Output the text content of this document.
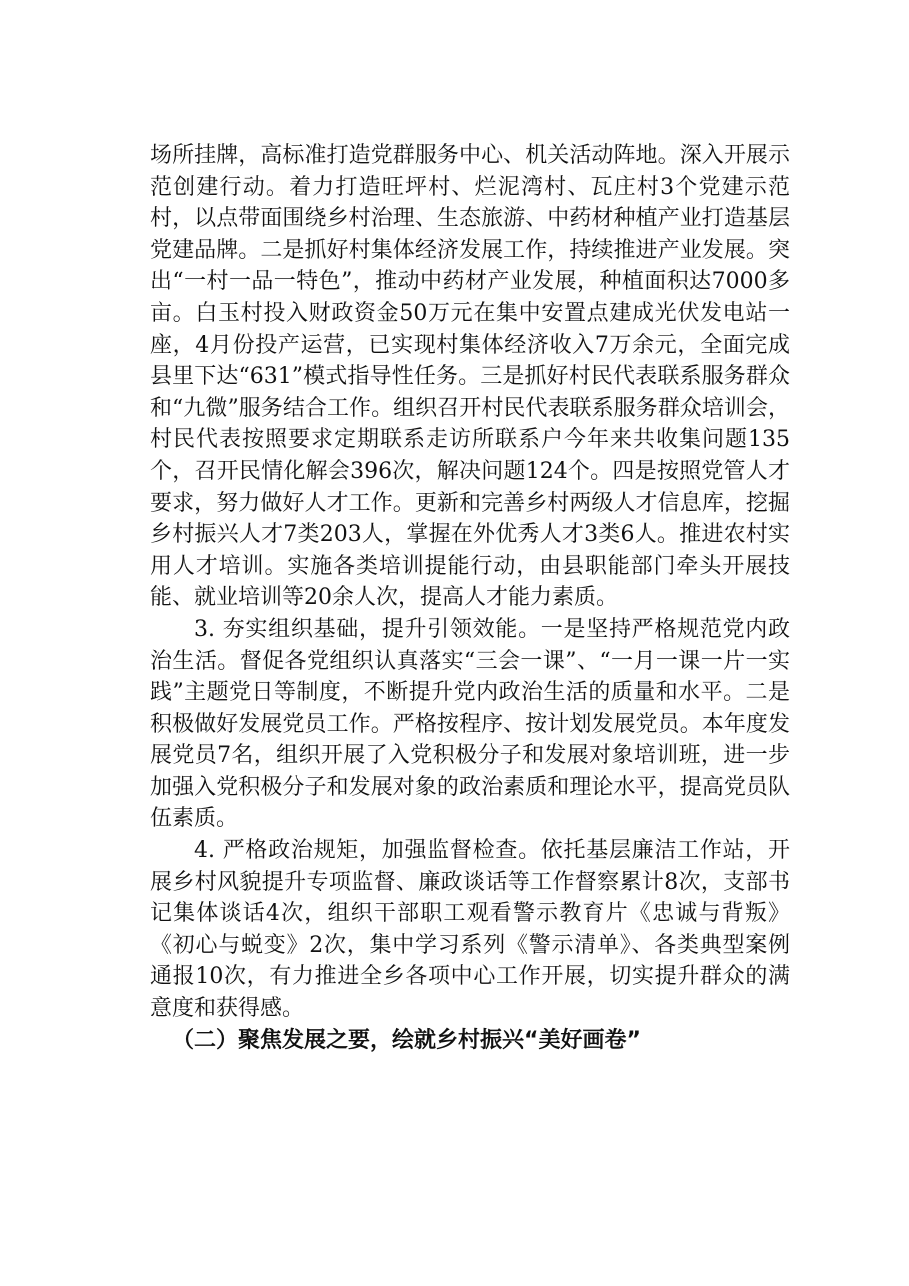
场所挂牌，高标准打造党群服务中心、机关活动阵地。深入开展示范创建行动。着力打造旺坪村、烂泥湾村、瓦庄村3个党建示范村，以点带面围绕乡村治理、生态旅游、中药材种植产业打造基层党建品牌。二是抓好村集体经济发展工作，持续推进产业发展。突出“一村一品一特色”，推动中药材产业发展，种植面积达7000多亩。白玉村投入财政资金50万元在集中安置点建成光伏发电站一座，4月份投产运营，已实现村集体经济收入7万余元，全面完成县里下达“631”模式指导性任务。三是抓好村民代表联系服务群众和“九微”服务结合工作。组织召开村民代表联系服务群众培训会，村民代表按照要求定期联系走访所联系户今年来共收集问题135个，召开民情化解会396次，解决问题124个。四是按照党管人才要求，努力做好人才工作。更新和完善乡村两级人才信息库，挖掘乡村振兴人才7类203人，掌握在外优秀人才3类6人。推进农村实用人才培训。实施各类培训提能行动，由县职能部门牵头开展技能、就业培训等20余人次，提高人才能力素质。

3. 夯实组织基础，提升引领效能。一是坚持严格规范党内政治生活。督促各党组织认真落实“三会一课”、“一月一课一片一实践”主题党日等制度，不断提升党内政治生活的质量和水平。二是积极做好发展党员工作。严格按程序、按计划发展党员。本年度发展党员7名，组织开展了入党积极分子和发展对象培训班，进一步加强入党积极分子和发展对象的政治素质和理论水平，提高党员队伍素质。

4. 严格政治规矩，加强监督检查。依托基层廉洁工作站，开展乡村风貌提升专项监督、廉政谈话等工作督察累计8次，支部书记集体谈话4次，组织干部职工观看警示教育片《忠诚与背叛》《初心与蜕变》2次，集中学习系列《警示清单》、各类典型案例通报10次，有力推进全乡各项中心工作开展，切实提升群众的满意度和获得感。

（二）聚焦发展之要，绘就乡村振兴“美好画卷”
